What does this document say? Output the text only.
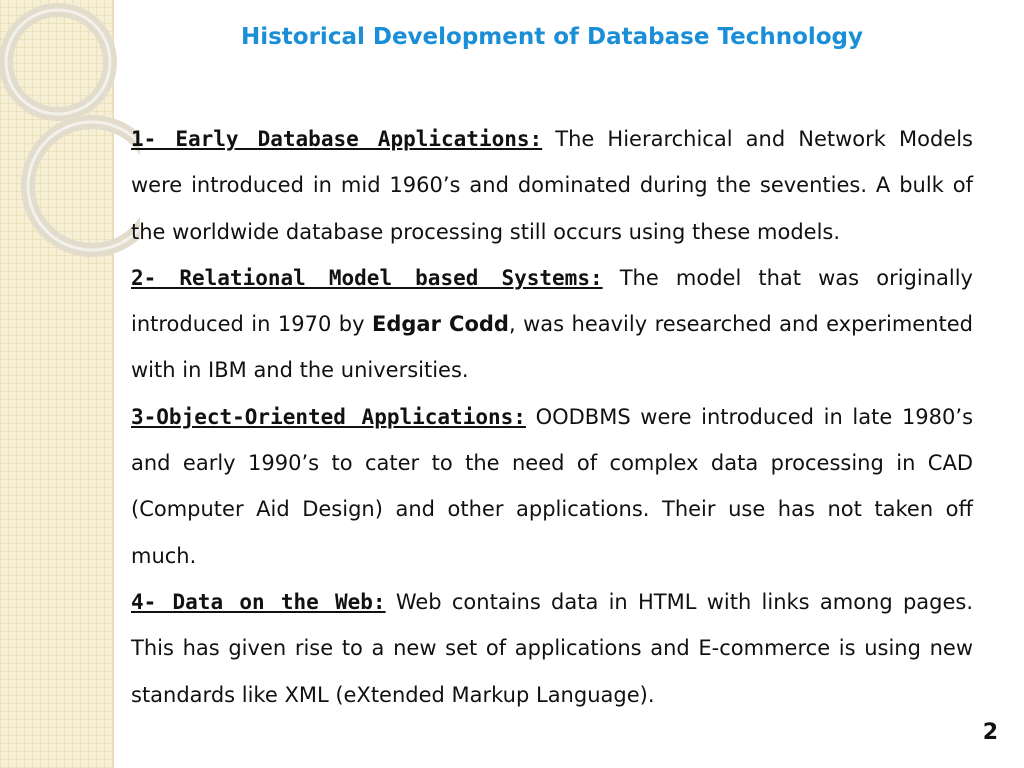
Historical Development of Database Technology

1- Early Database Applications: The Hierarchical and Network Models were introduced in mid 1960’s and dominated during the seventies. A bulk of the worldwide database processing still occurs using these models.

2- Relational Model based Systems: The model that was originally introduced in 1970 by Edgar Codd, was heavily researched and experimented with in IBM and the universities.

3-Object-Oriented Applications: OODBMS were introduced in late 1980’s and early 1990’s to cater to the need of complex data processing in CAD (Computer Aid Design) and other applications. Their use has not taken off much.

4- Data on the Web: Web contains data in HTML with links among pages. This has given rise to a new set of applications and E-commerce is using new standards like XML (eXtended Markup Language).

2
